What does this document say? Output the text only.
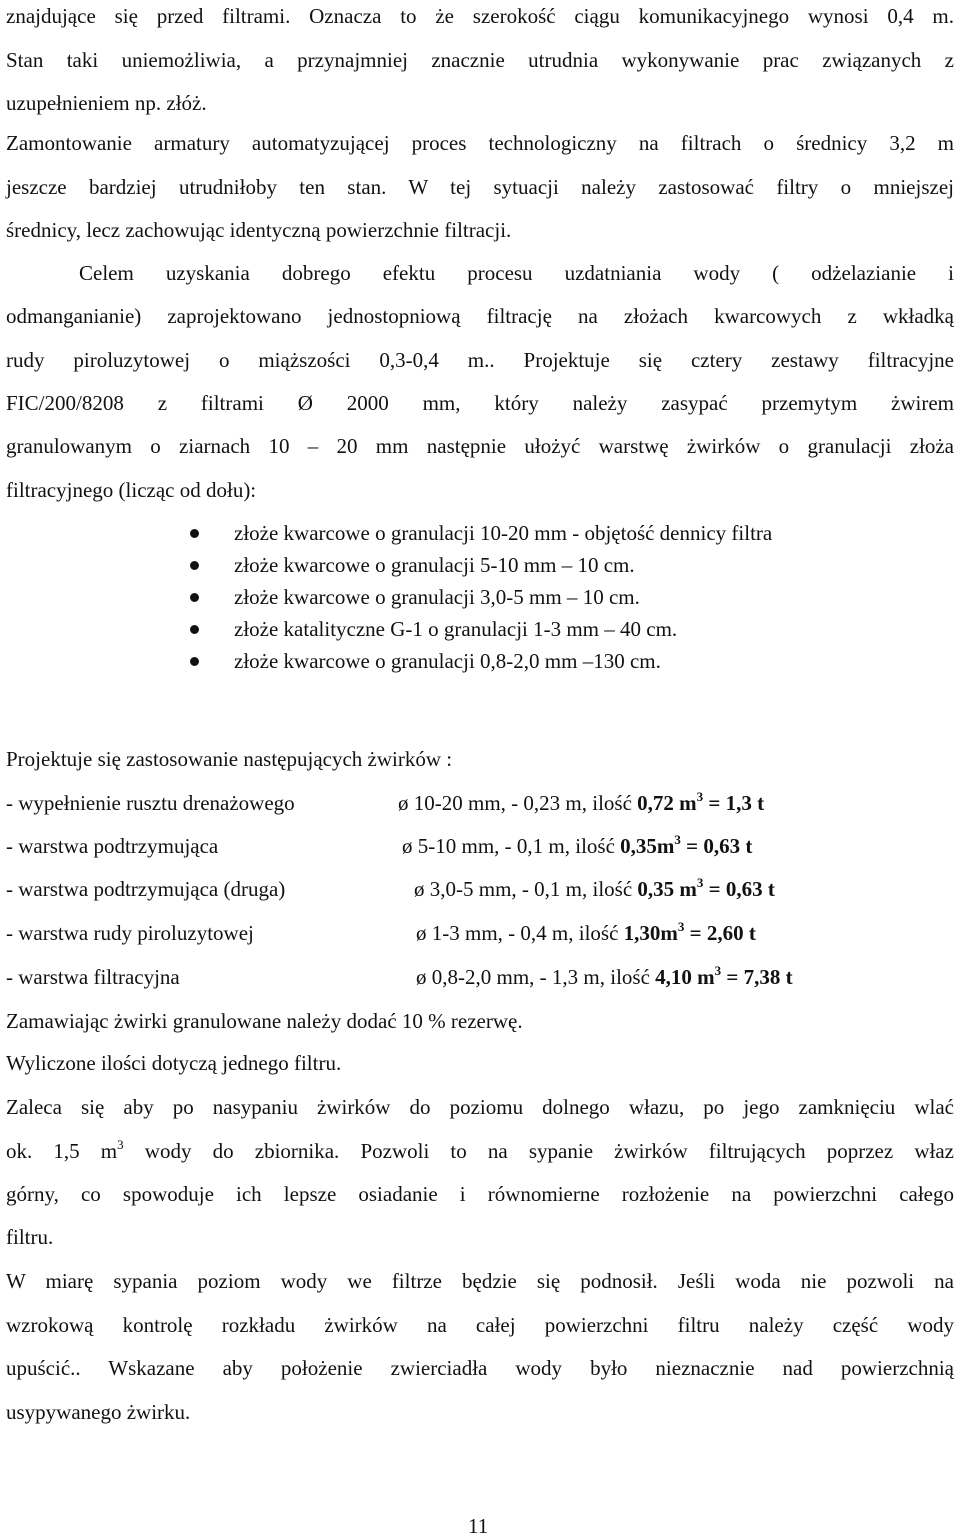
znajdujące się przed filtrami. Oznacza to że szerokość ciągu komunikacyjnego wynosi 0,4 m.
Stan taki uniemożliwia, a przynajmniej znacznie utrudnia wykonywanie prac związanych z
uzupełnieniem np. złóż.
Zamontowanie armatury automatyzującej proces technologiczny na filtrach o średnicy 3,2 m
jeszcze bardziej utrudniłoby ten stan. W tej sytuacji należy zastosować filtry o mniejszej
średnicy, lecz zachowując identyczną powierzchnie filtracji.
Celem uzyskania dobrego efektu procesu uzdatniania wody ( odżelazianie i
odmanganianie) zaprojektowano jednostopniową filtrację na złożach kwarcowych z wkładką
rudy piroluzytowej o miąższości 0,3-0,4 m.. Projektuje się cztery zestawy filtracyjne
FIC/200/8208 z filtrami Ø 2000 mm, który należy zasypać przemytym żwirem
granulowanym o ziarnach 10 – 20 mm następnie ułożyć warstwę żwirków o granulacji złoża
filtracyjnego (licząc od dołu):
złoże kwarcowe o granulacji 10-20 mm - objętość dennicy filtra
złoże kwarcowe o granulacji 5-10 mm – 10 cm.
złoże kwarcowe o granulacji 3,0-5 mm – 10 cm.
złoże katalityczne G-1 o granulacji 1-3 mm – 40 cm.
złoże kwarcowe o granulacji 0,8-2,0 mm –130 cm.
Projektuje się zastosowanie następujących żwirków :
- wypełnienie rusztu drenażowego	ø 10-20 mm, - 0,23 m, ilość 0,72 $m^3 = 1,3$ t
- warstwa podtrzymująca	ø 5-10 mm, - 0,1 m, ilość $0,35m^3 = 0,63$ t
- warstwa podtrzymująca (druga)	ø 3,0-5 mm, - 0,1 m, ilość 0,35 $m^3 = 0,63$ t
- warstwa rudy piroluzytowej	ø 1-3 mm, - 0,4 m, ilość $1,30m^3 = 2,60$ t
- warstwa filtracyjna	ø 0,8-2,0 mm, - 1,3 m, ilość 4,10 $m^3 = 7,38$ t
Zamawiając żwirki granulowane należy dodać 10 % rezerwę.
Wyliczone ilości dotyczą jednego filtru.
Zaleca się aby po nasypaniu żwirków do poziomu dolnego włazu, po jego zamknięciu wlać
ok. 1,5 $m^3$ wody do zbiornika. Pozwoli to na sypanie żwirków filtrujących poprzez właz
górny, co spowoduje ich lepsze osiadanie i równomierne rozłożenie na powierzchni całego
filtru.
W miarę sypania poziom wody we filtrze będzie się podnosił. Jeśli woda nie pozwoli na
wzrokową kontrolę rozkładu żwirków na całej powierzchni filtru należy część wody
upuścić.. Wskazane aby położenie zwierciadła wody było nieznacznie nad powierzchnią
usypywanego żwirku.
11
